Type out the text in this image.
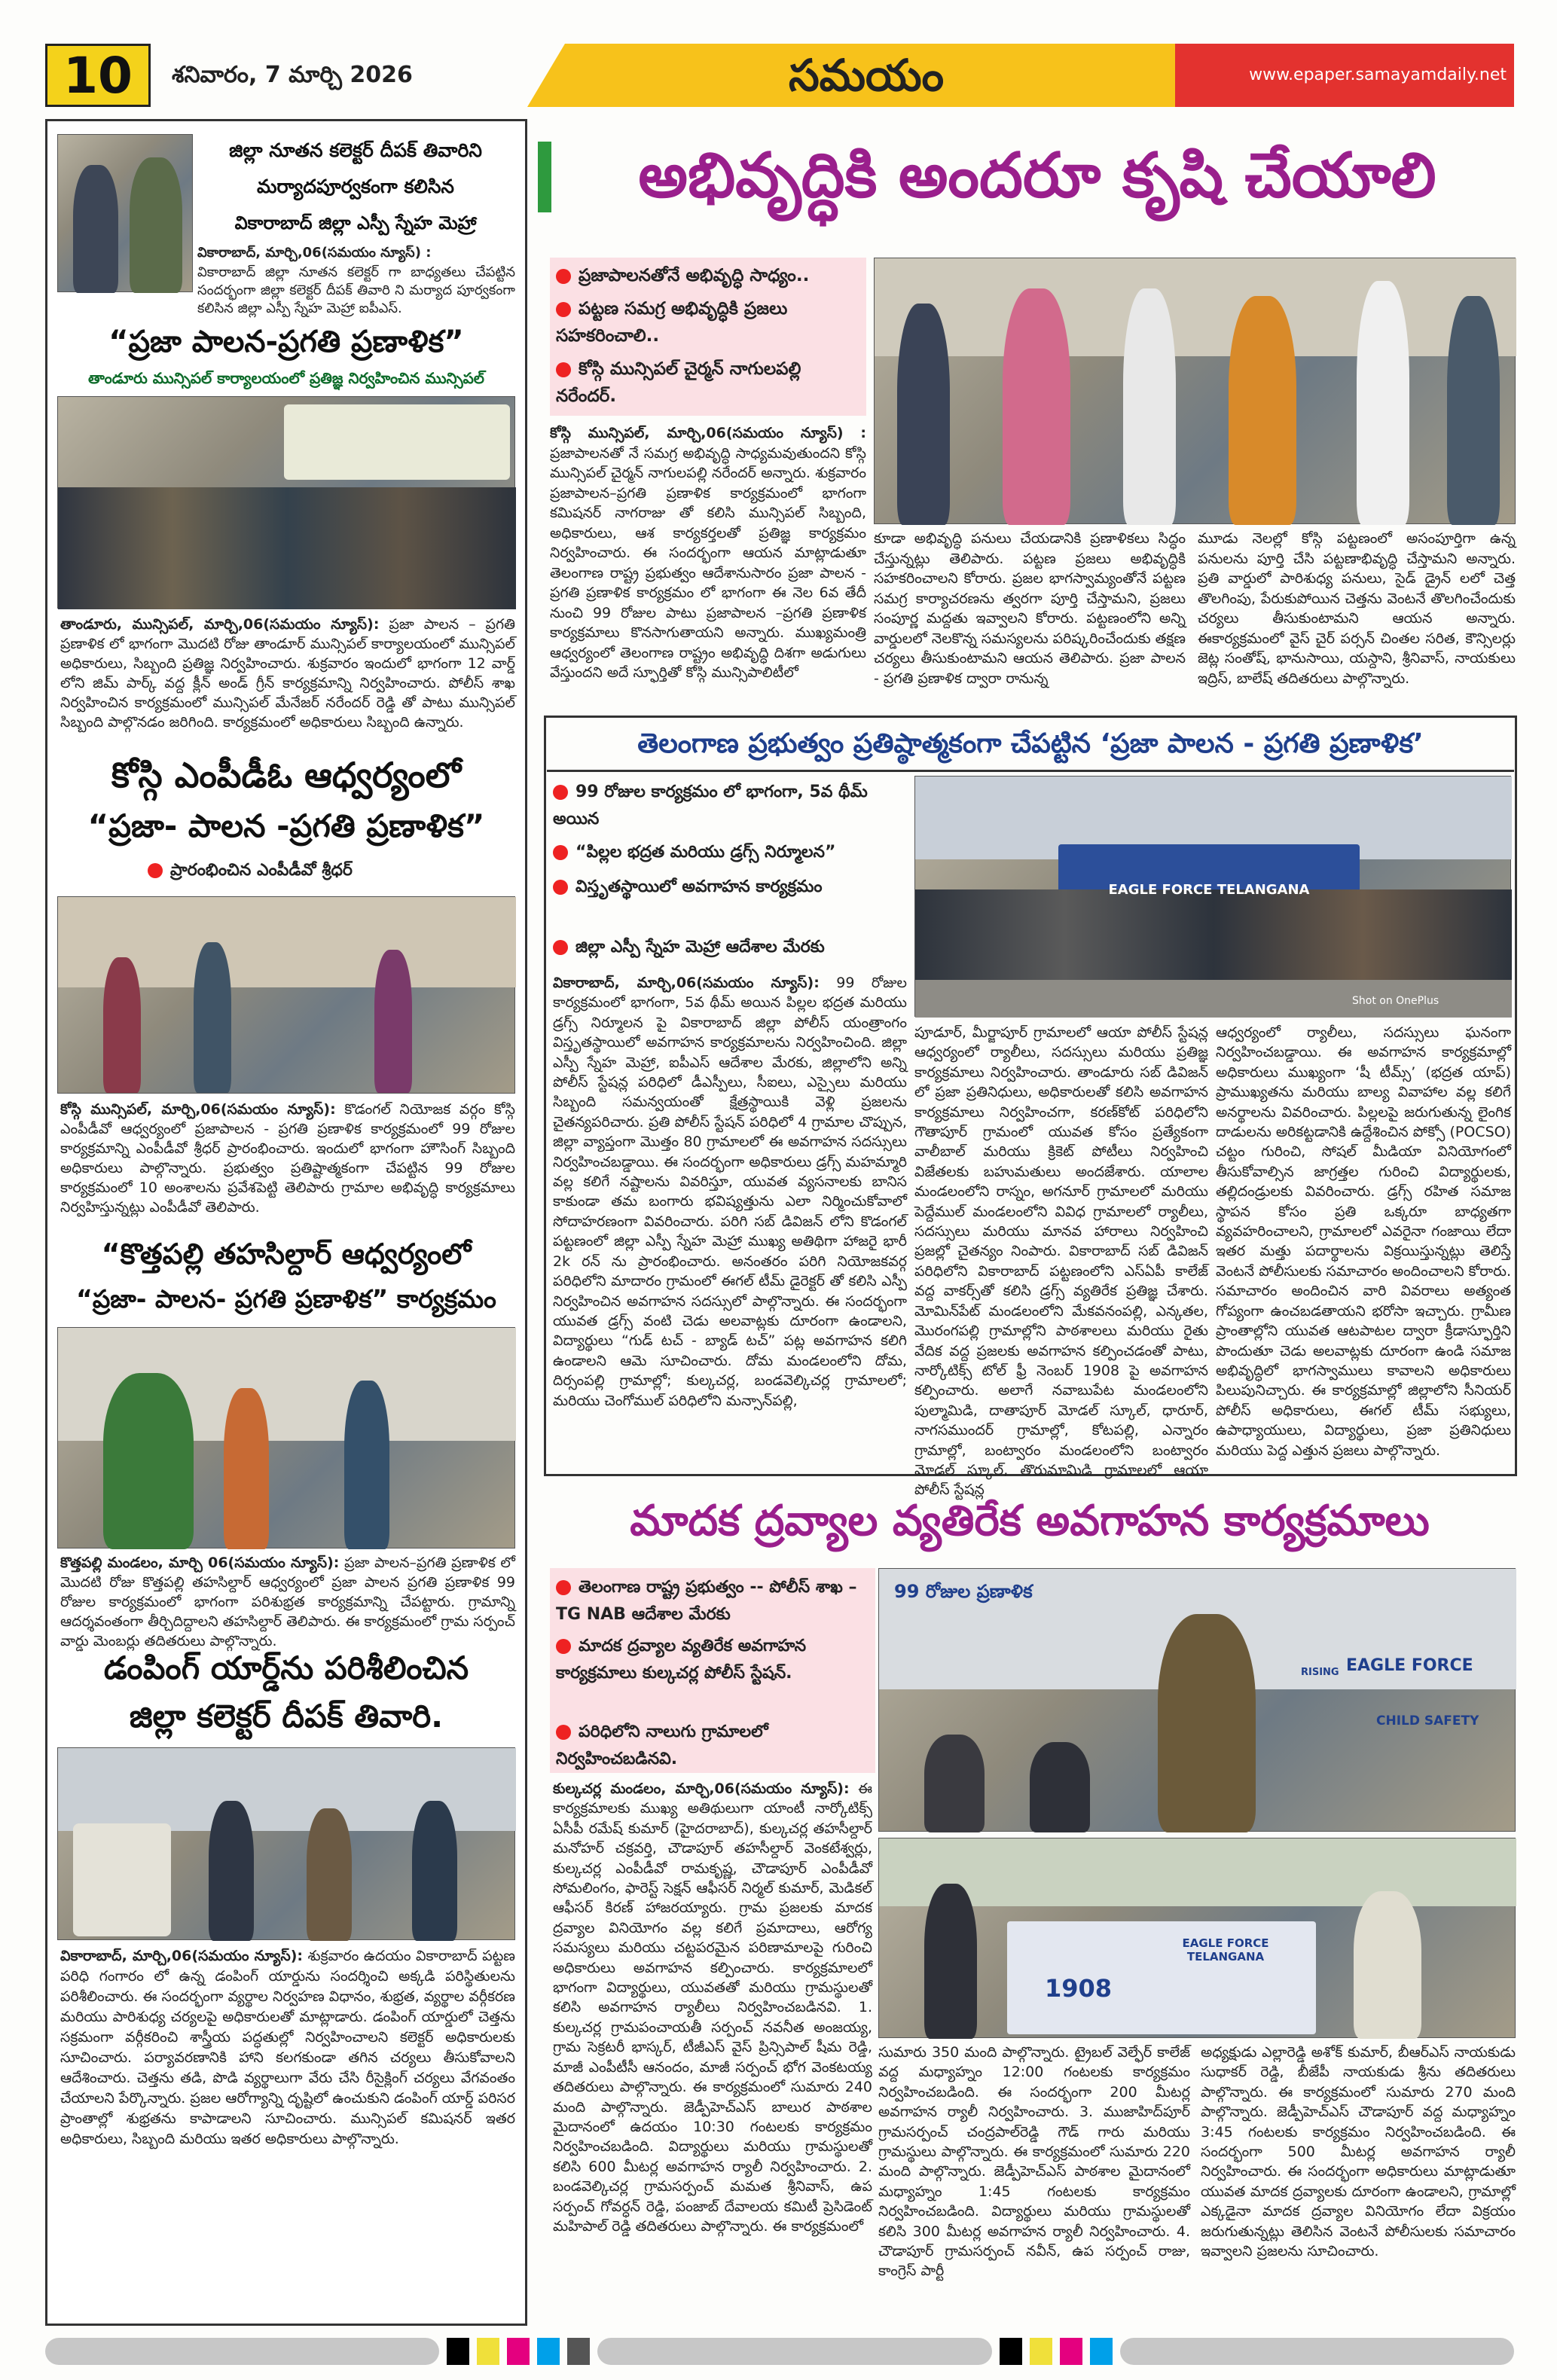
10	శనివారం, 7 మార్చి 2026	సమయం	www.epaper.samayamdaily.net
జిల్లా నూతన కలెక్టర్ దీపక్ తివారిని
మర్యాదపూర్వకంగా కలిసిన
వికారాబాద్ జిల్లా ఎస్పీ స్నేహ మెహ్రా
వికారాబాద్, మార్చి,06(సమయం న్యూస్) :
వికారాబాద్ జిల్లా నూతన కలెక్టర్ గా బాధ్యతలు చేపట్టిన సందర్భంగా జిల్లా కలెక్టర్ దీపక్ తివారి ని మర్యాద పూర్వకంగా కలిసిన జిల్లా ఎస్పీ స్నేహ మెహ్రా ఐపీఎస్.
“ప్రజా పాలన-ప్రగతి ప్రణాళిక”
తాండూరు మున్సిపల్ కార్యాలయంలో ప్రతిజ్ఞ నిర్వహించిన మున్సిపల్
తాండూరు, మున్సిపల్, మార్చి,06(సమయం న్యూస్): ప్రజా పాలన – ప్రగతి ప్రణాళిక లో భాగంగా మొదటి రోజు తాండూర్ మున్సిపల్ కార్యాలయంలో మున్సిపల్ అధికారులు, సిబ్బంది ప్రతిజ్ఞ నిర్వహించారు. శుక్రవారం ఇందులో భాగంగా 12 వార్డ్ లోని జిమ్ పార్క్ వద్ద క్లీన్ అండ్ గ్రీన్ కార్యక్రమాన్ని నిర్వహించారు. పోలీస్ శాఖ నిర్వహించిన కార్యక్రమంలో మున్సిపల్ మేనేజర్ నరేందర్ రెడ్డి తో పాటు మున్సిపల్ సిబ్బంది పాల్గొనడం జరిగింది. కార్యక్రమంలో అధికారులు సిబ్బంది ఉన్నారు.
కోస్గి ఎంపీడీఓ ఆధ్వర్యంలో
“ప్రజా- పాలన -ప్రగతి ప్రణాళిక”
ప్రారంభించిన ఎంపీడీవో శ్రీధర్
కోస్గి మున్సిపల్, మార్చి,06(సమయం న్యూస్): కొడంగల్ నియోజక వర్గం కోస్గి ఎంపీడీవో ఆధ్వర్యంలో ప్రజాపాలన - ప్రగతి ప్రణాళిక కార్యక్రమంలో 99 రోజుల కార్యక్రమాన్ని ఎంపీడీవో శ్రీధర్ ప్రారంభించారు. ఇందులో భాగంగా హౌసింగ్ సిబ్బంది అధికారులు పాల్గొన్నారు. ప్రభుత్వం ప్రతిష్టాత్మకంగా చేపట్టిన 99 రోజుల కార్యక్రమంలో 10 అంశాలను ప్రవేశపెట్టి తెలిపారు గ్రామాల అభివృద్ధి కార్యక్రమాలు నిర్వహిస్తున్నట్లు ఎంపీడీవో తెలిపారు.
“కొత్తపల్లి తహసిల్దార్ ఆధ్వర్యంలో
“ప్రజా- పాలన- ప్రగతి ప్రణాళిక” కార్యక్రమం
కొత్తపల్లి మండలం, మార్చి 06(సమయం న్యూస్): ప్రజా పాలన–ప్రగతి ప్రణాళిక లో మొదటి రోజు కొత్తపల్లి తహసిల్దార్ ఆధ్వర్యంలో ప్రజా పాలన ప్రగతి ప్రణాళిక 99 రోజుల కార్యక్రమంలో భాగంగా పరిశుభ్రత కార్యక్రమాన్ని చేపట్టారు. గ్రామాన్ని ఆదర్శవంతంగా తీర్చిదిద్దాలని తహసిల్దార్ తెలిపారు. ఈ కార్యక్రమంలో గ్రామ సర్పంచ్ వార్డు మెంబర్లు తదితరులు పాల్గొన్నారు.
డంపింగ్ యార్డ్‌ను పరిశీలించిన
జిల్లా కలెక్టర్ దీపక్ తివారి.
వికారాబాద్, మార్చి,06(సమయం న్యూస్): శుక్రవారం ఉదయం వికారాబాద్ పట్టణ పరిధి గంగారం లో ఉన్న డంపింగ్ యార్డును సందర్శించి అక్కడి పరిస్థితులను పరిశీలించారు. ఈ సందర్భంగా వ్యర్థాల నిర్వహణ విధానం, శుభ్రత, వ్యర్థాల వర్గీకరణ మరియు పారిశుధ్య చర్యలపై అధికారులతో మాట్లాడారు. డంపింగ్ యార్డులో చెత్తను సక్రమంగా వర్గీకరించి శాస్త్రీయ పద్ధతుల్లో నిర్వహించాలని కలెక్టర్ అధికారులకు సూచించారు. పర్యావరణానికి హాని కలగకుండా తగిన చర్యలు తీసుకోవాలని ఆదేశించారు. చెత్తను తడి, పొడి వ్యర్థాలుగా వేరు చేసి రీసైక్లింగ్ చర్యలు వేగవంతం చేయాలని పేర్కొన్నారు. ప్రజల ఆరోగ్యాన్ని దృష్టిలో ఉంచుకుని డంపింగ్ యార్డ్ పరిసర ప్రాంతాల్లో శుభ్రతను కాపాడాలని సూచించారు. మున్సిపల్ కమిషనర్ ఇతర అధికారులు, సిబ్బంది మరియు ఇతర అధికారులు పాల్గొన్నారు.
అభివృద్ధికి అందరూ కృషి చేయాలి
ప్రజాపాలనతోనే అభివృద్ధి సాధ్యం..
పట్టణ సమగ్ర అభివృద్ధికి ప్రజలు సహకరించాలి..
కోస్గి మున్సిపల్ చైర్మన్ నాగులపల్లి నరేందర్.
కోస్గి మున్సిపల్, మార్చి,06(సమయం న్యూస్) : ప్రజాపాలనతో నే సమగ్ర అభివృద్ధి సాధ్యమవుతుందని కోస్గి మున్సిపల్ చైర్మన్ నాగులపల్లి నరేందర్ అన్నారు. శుక్రవారం ప్రజాపాలన–ప్రగతి ప్రణాళిక కార్యక్రమంలో భాగంగా కమిషనర్ నాగరాజు తో కలిసి మున్సిపల్ సిబ్బంది, అధికారులు, ఆశ కార్యకర్తలతో ప్రతిజ్ఞ కార్యక్రమం నిర్వహించారు. ఈ సందర్భంగా ఆయన మాట్లాడుతూ తెలంగాణ రాష్ట్ర ప్రభుత్వం ఆదేశానుసారం ప్రజా పాలన - ప్రగతి ప్రణాళిక కార్యక్రమం లో భాగంగా ఈ నెల 6వ తేదీ నుంచి 99 రోజుల పాటు ప్రజాపాలన –ప్రగతి ప్రణాళిక కార్యక్రమాలు కొనసాగుతాయని అన్నారు. ముఖ్యమంత్రి ఆధ్వర్యంలో తెలంగాణ రాష్ట్రం అభివృద్ధి దిశగా అడుగులు వేస్తుందని అదే స్ఫూర్తితో కోస్గి మున్సిపాలిటీలో
కూడా అభివృద్ధి పనులు చేయడానికి ప్రణాళికలు సిద్ధం చేస్తున్నట్లు తెలిపారు. పట్టణ ప్రజలు అభివృద్ధికి సహకరించాలని కోరారు. ప్రజల భాగస్వామ్యంతోనే పట్టణ సమగ్ర కార్యాచరణను త్వరగా పూర్తి చేస్తామని, ప్రజలు సంపూర్ణ మద్దతు ఇవ్వాలని కోరారు. పట్టణంలోని అన్ని వార్డులలో నెలకొన్న సమస్యలను పరిష్కరించేందుకు తక్షణ చర్యలు తీసుకుంటామని ఆయన తెలిపారు. ప్రజా పాలన - ప్రగతి ప్రణాళిక ద్వారా రానున్న
మూడు నెలల్లో కోస్గి పట్టణంలో అసంపూర్తిగా ఉన్న పనులను పూర్తి చేసి పట్టణాభివృద్ధి చేస్తామని అన్నారు. ప్రతి వార్డులో పారిశుధ్య పనులు, సైడ్ డ్రైన్ లలో చెత్త తొలగింపు, పేరుకుపోయిన చెత్తను వెంటనే తొలగించేందుకు చర్యలు తీసుకుంటామని ఆయన అన్నారు. ఈకార్యక్రమంలో వైస్ చైర్ పర్సన్ చింతల సరిత, కౌన్సిలర్లు జెట్ల సంతోష్, భానుసాయి, యస్దాని, శ్రీనివాస్, నాయకులు ఇద్రిస్, బాలేష్ తదితరులు పాల్గొన్నారు.
తెలంగాణ ప్రభుత్వం ప్రతిష్ఠాత్మకంగా చేపట్టిన ‘ప్రజా పాలన - ప్రగతి ప్రణాళిక’
99 రోజుల కార్యక్రమం లో భాగంగా, 5వ థీమ్ అయిన
“పిల్లల భద్రత మరియు డ్రగ్స్ నిర్మూలన”
విస్తృతస్థాయిలో అవగాహన కార్యక్రమం
జిల్లా ఎస్పీ స్నేహ మెహ్రా ఆదేశాల మేరకు
EAGLE FORCE TELANGANA
Shot on OnePlus
వికారాబాద్, మార్చి,06(సమయం న్యూస్): 99 రోజుల కార్యక్రమంలో భాగంగా, 5వ థీమ్ అయిన పిల్లల భద్రత మరియు డ్రగ్స్ నిర్మూలన పై వికారాబాద్ జిల్లా పోలీస్ యంత్రాంగం విస్తృతస్థాయిలో అవగాహన కార్యక్రమాలను నిర్వహించింది. జిల్లా ఎస్పీ స్నేహ మెహ్రా, ఐపీఎస్ ఆదేశాల మేరకు, జిల్లాలోని అన్ని పోలీస్ స్టేషన్ల పరిధిలో డీఎస్పీలు, సీఐలు, ఎస్సైలు మరియు సిబ్బంది సమన్వయంతో క్షేత్రస్థాయికి వెళ్లి ప్రజలను చైతన్యపరిచారు. ప్రతి పోలీస్ స్టేషన్ పరిధిలో 4 గ్రామాల చొప్పున, జిల్లా వ్యాప్తంగా మొత్తం 80 గ్రామాలలో ఈ అవగాహన సదస్సులు నిర్వహించబడ్డాయి. ఈ సందర్భంగా అధికారులు డ్రగ్స్ మహమ్మారి వల్ల కలిగే నష్టాలను వివరిస్తూ, యువత వ్యసనాలకు బానిస కాకుండా తమ బంగారు భవిష్యత్తును ఎలా నిర్మించుకోవాలో సోదాహరణంగా వివరించారు. పరిగి సబ్ డివిజన్ లోని కొడంగల్ పట్టణంలో జిల్లా ఎస్పీ స్నేహ మెహ్రా ముఖ్య అతిథిగా హాజరై భారీ 2k రన్ ను ప్రారంభించారు. అనంతరం పరిగి నియోజకవర్గ పరిధిలోని మాదారం గ్రామంలో ఈగల్ టీమ్ డైరెక్టర్ తో కలిసి ఎస్పీ నిర్వహించిన అవగాహన సదస్సులో పాల్గొన్నారు. ఈ సందర్భంగా యువత డ్రగ్స్ వంటి చెడు అలవాట్లకు దూరంగా ఉండాలని, విద్యార్థులు “గుడ్ టచ్ - బ్యాడ్ టచ్” పట్ల అవగాహన కలిగి ఉండాలని ఆమె సూచించారు. దోమ మండలంలోని దోమ, దిర్సంపల్లి గ్రామాల్లో; కుల్కచర్ల, బండవెల్కిచర్ల గ్రామాలలో; మరియు చెంగోముల్ పరిధిలోని మన్సాన్‌పల్లి,
పూడూర్, మీర్జాపూర్ గ్రామాలలో ఆయా పోలీస్ స్టేషన్ల ఆధ్వర్యంలో ర్యాలీలు, సదస్సులు మరియు ప్రతిజ్ఞ కార్యక్రమాలు నిర్వహించారు. తాండూరు సబ్ డివిజన్ లో ప్రజా ప్రతినిధులు, అధికారులతో కలిసి అవగాహన కార్యక్రమాలు నిర్వహించగా, కరణ్‌కోట్ పరిధిలోని గౌతాపూర్ గ్రామంలో యువత కోసం ప్రత్యేకంగా వాలీబాల్ మరియు క్రికెట్ పోటీలు నిర్వహించి విజేతలకు బహుమతులు అందజేశారు. యాలాల మండలంలోని రాస్నం, అగనూర్ గ్రామాలలో మరియు పెద్దేముల్ మండలంలోని వివిధ గ్రామాలలో ర్యాలీలు, సదస్సులు మరియు మానవ హారాలు నిర్వహించి ప్రజల్లో చైతన్యం నింపారు. వికారాబాద్ సబ్ డివిజన్ పరిధిలోని వికారాబాద్ పట్టణంలోని ఎస్ఏపీ కాలేజ్ వద్ద వాకర్స్‌తో కలిసి డ్రగ్స్ వ్యతిరేక ప్రతిజ్ఞ చేశారు. మోమిన్‌పేట్ మండలంలోని మేకవనంపల్లి, ఎన్కతల, మొరంగపల్లి గ్రామాల్లోని పాఠశాలలు మరియు రైతు వేదిక వద్ద ప్రజలకు అవగాహన కల్పించడంతో పాటు, నార్కోటిక్స్ టోల్ ఫ్రీ నెంబర్ 1908 పై అవగాహన కల్పించారు. అలాగే నవాబుపేట మండలంలోని పుల్మామిడి, దాతాపూర్ మోడల్ స్కూల్, ధారూర్, నాగసముందర్ గ్రామాల్లో, కోటపల్లి, ఎన్నారం గ్రామాల్లో, బంట్వారం మండలంలోని బంట్వారం మోడల్ స్కూల్, తొరుమామిడి గ్రామాలలో ఆయా పోలీస్ స్టేషన్ల
ఆధ్వర్యంలో ర్యాలీలు, సదస్సులు ఘనంగా నిర్వహించబడ్డాయి. ఈ అవగాహన కార్యక్రమాల్లో అధికారులు ముఖ్యంగా ‘షీ టీమ్స్’ (భద్రత యాప్) ప్రాముఖ్యతను మరియు బాల్య వివాహాల వల్ల కలిగే అనర్థాలను వివరించారు. పిల్లలపై జరుగుతున్న లైంగిక దాడులను అరికట్టడానికి ఉద్దేశించిన పోక్సో (POCSO) చట్టం గురించి, సోషల్ మీడియా వినియోగంలో తీసుకోవాల్సిన జాగ్రత్తల గురించి విద్యార్థులకు, తల్లిదండ్రులకు వివరించారు. డ్రగ్స్ రహిత సమాజ స్థాపన కోసం ప్రతి ఒక్కరూ బాధ్యతగా వ్యవహరించాలని, గ్రామాలలో ఎవరైనా గంజాయి లేదా ఇతర మత్తు పదార్థాలను విక్రయిస్తున్నట్లు తెలిస్తే వెంటనే పోలీసులకు సమాచారం అందించాలని కోరారు. సమాచారం అందించిన వారి వివరాలు అత్యంత గోప్యంగా ఉంచబడతాయని భరోసా ఇచ్చారు. గ్రామీణ ప్రాంతాల్లోని యువత ఆటపాటల ద్వారా క్రీడాస్ఫూర్తిని పొందుతూ చెడు అలవాట్లకు దూరంగా ఉండి సమాజ అభివృద్ధిలో భాగస్వాములు కావాలని అధికారులు పిలుపునిచ్చారు. ఈ కార్యక్రమాల్లో జిల్లాలోని సీనియర్ పోలీస్ అధికారులు, ఈగల్ టీమ్ సభ్యులు, ఉపాధ్యాయులు, విద్యార్థులు, ప్రజా ప్రతినిధులు మరియు పెద్ద ఎత్తున ప్రజలు పాల్గొన్నారు.
మాదక ద్రవ్యాల వ్యతిరేక అవగాహన కార్యక్రమాలు
తెలంగాణ రాష్ట్ర ప్రభుత్వం -- పోలీస్ శాఖ – TG NAB ఆదేశాల మేరకు
మాదక ద్రవ్యాల వ్యతిరేక అవగాహన కార్యక్రమాలు కుల్కచర్ల పోలీస్ స్టేషన్.
పరిధిలోని నాలుగు గ్రామాలలో నిర్వహించబడినవి.
99 రోజుల ప్రణాళిక
EAGLE FORCE
CHILD SAFETY
RISING
EAGLE FORCE TELANGANA
1908
కుల్కచర్ల మండలం, మార్చి,06(సమయం న్యూస్): ఈ కార్యక్రమాలకు ముఖ్య అతిథులుగా యాంటీ నార్కోటిక్స్ ఏసీపీ రమేష్ కుమార్ (హైదరాబాద్), కుల్కచర్ల తహసీల్దార్ మనోహర్ చక్రవర్తి, చౌడాపూర్ తహసీల్దార్ వెంకటేశ్వర్లు, కుల్కచర్ల ఎంపీడీవో రామకృష్ణ, చౌడాపూర్ ఎంపీడీవో సోమలింగం, ఫారెస్ట్ సెక్షన్ ఆఫీసర్ నిర్మల్ కుమార్, మెడికల్ ఆఫీసర్ కిరణ్ హాజరయ్యారు. గ్రామ ప్రజలకు మాదక ద్రవ్యాల వినియోగం వల్ల కలిగే ప్రమాదాలు, ఆరోగ్య సమస్యలు మరియు చట్టపరమైన పరిణామాలపై గురించి అధికారులు అవగాహన కల్పించారు. కార్యక్రమాలలో భాగంగా విద్యార్థులు, యువతతో మరియు గ్రామస్థులతో కలిసి అవగాహన ర్యాలీలు నిర్వహించబడినవి. 1. కుల్కచర్ల గ్రామపంచాయతీ సర్పంచ్ నవనీత అంజయ్య, గ్రామ సెక్రటరీ భాస్కర్, టీజీఎస్ వైస్ ప్రిన్సిపాల్ షీమ రెడ్డి, మాజీ ఎంపీటీసీ ఆనందం, మాజీ సర్పంచ్ భోగ వెంకటయ్య తదితరులు పాల్గొన్నారు. ఈ కార్యక్రమంలో సుమారు 240 మంది పాల్గొన్నారు. జెడ్పీహెచ్ఎస్ బాలుర పాఠశాల మైదానంలో ఉదయం 10:30 గంటలకు కార్యక్రమం నిర్వహించబడింది. విద్యార్థులు మరియు గ్రామస్థులతో కలిసి 600 మీటర్ల అవగాహన ర్యాలీ నిర్వహించారు. 2. బండవెల్కిచర్ల గ్రామసర్పంచ్ మమత శ్రీనివాస్, ఉప సర్పంచ్ గోవర్ధన్ రెడ్డి, పంజాబ్ దేవాలయ కమిటీ ప్రెసిడెంట్ మహిపాల్ రెడ్డి తదితరులు పాల్గొన్నారు. ఈ కార్యక్రమంలో
సుమారు 350 మంది పాల్గొన్నారు. ట్రైబల్ వెల్ఫేర్ కాలేజ్ వద్ద మధ్యాహ్నం 12:00 గంటలకు కార్యక్రమం నిర్వహించబడింది. ఈ సందర్భంగా 200 మీటర్ల అవగాహన ర్యాలీ నిర్వహించారు. 3. ముజాహిద్‌పూర్ గ్రామసర్పంచ్ చంద్రపాల్‌రెడ్డి గౌడ్ గారు మరియు గ్రామస్థులు పాల్గొన్నారు. ఈ కార్యక్రమంలో సుమారు 220 మంది పాల్గొన్నారు. జెడ్పీహెచ్ఎస్ పాఠశాల మైదానంలో మధ్యాహ్నం 1:45 గంటలకు కార్యక్రమం నిర్వహించబడింది. విద్యార్థులు మరియు గ్రామస్థులతో కలిసి 300 మీటర్ల అవగాహన ర్యాలీ నిర్వహించారు. 4. చౌడాపూర్ గ్రామసర్పంచ్ నవీన్, ఉప సర్పంచ్ రాజు, కాంగ్రెస్ పార్టీ
అధ్యక్షుడు ఎల్లారెడ్డి అశోక్ కుమార్, బీఆర్ఎస్ నాయకుడు సుధాకర్ రెడ్డి, బీజేపీ నాయకుడు శ్రీను తదితరులు పాల్గొన్నారు. ఈ కార్యక్రమంలో సుమారు 270 మంది పాల్గొన్నారు. జెడ్పీహెచ్ఎస్ చౌడాపూర్ వద్ద మధ్యాహ్నం 3:45 గంటలకు కార్యక్రమం నిర్వహించబడింది. ఈ సందర్భంగా 500 మీటర్ల అవగాహన ర్యాలీ నిర్వహించారు. ఈ సందర్భంగా అధికారులు మాట్లాడుతూ యువత మాదక ద్రవ్యాలకు దూరంగా ఉండాలని, గ్రామాల్లో ఎక్కడైనా మాదక ద్రవ్యాల వినియోగం లేదా విక్రయం జరుగుతున్నట్లు తెలిసిన వెంటనే పోలీసులకు సమాచారం ఇవ్వాలని ప్రజలను సూచించారు.
